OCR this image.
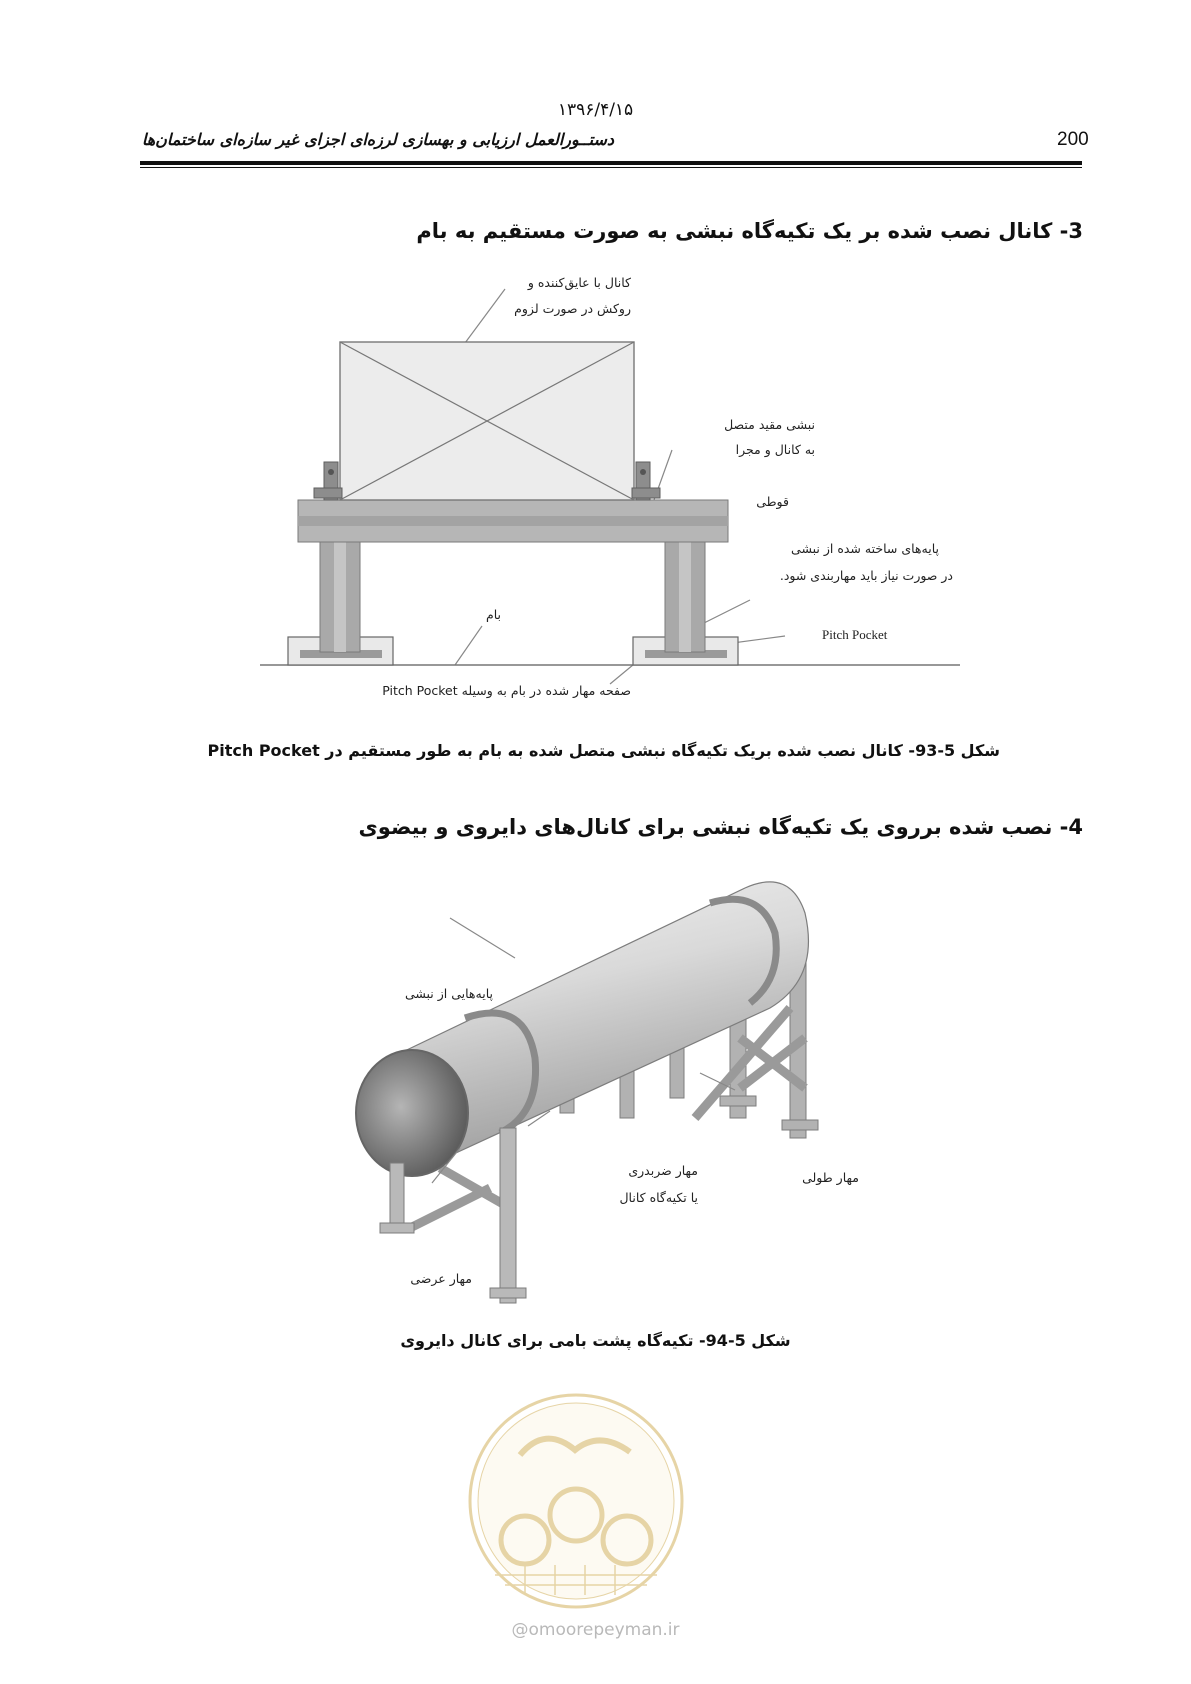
۱۳۹۶/۴/۱۵
دستــورالعمل ارزیابی و بهسازی لرزه‌ای اجزای غیر سازه‌ای ساختمان‌ها	200
3- کانال نصب شده بر یک تکیه‌گاه نبشی به صورت مستقیم به بام
کانال با عایق‌کننده و
روکش در صورت لزوم
نبشی مقید متصل
به کانال و مجرا
قوطی
پایه‌های ساخته شده از نبشی
در صورت نیاز باید مهاربندی شود.
Pitch Pocket
بام
صفحه مهار شده در بام به وسیله Pitch Pocket
شکل 5-93- کانال نصب شده بریک تکیه‌گاه نبشی متصل شده به بام به طور مستقیم در Pitch Pocket
4- نصب شده برروی یک تکیه‌گاه نبشی برای کانال‌های دایروی و بیضوی
پایه‌هایی از نبشی
مهار ضربدری
یا تکیه‌گاه کانال
مهار طولی
مهار عرضی
شکل 5-94- تکیه‌گاه پشت بامی برای کانال دایروی
@omoorepeyman.ir
